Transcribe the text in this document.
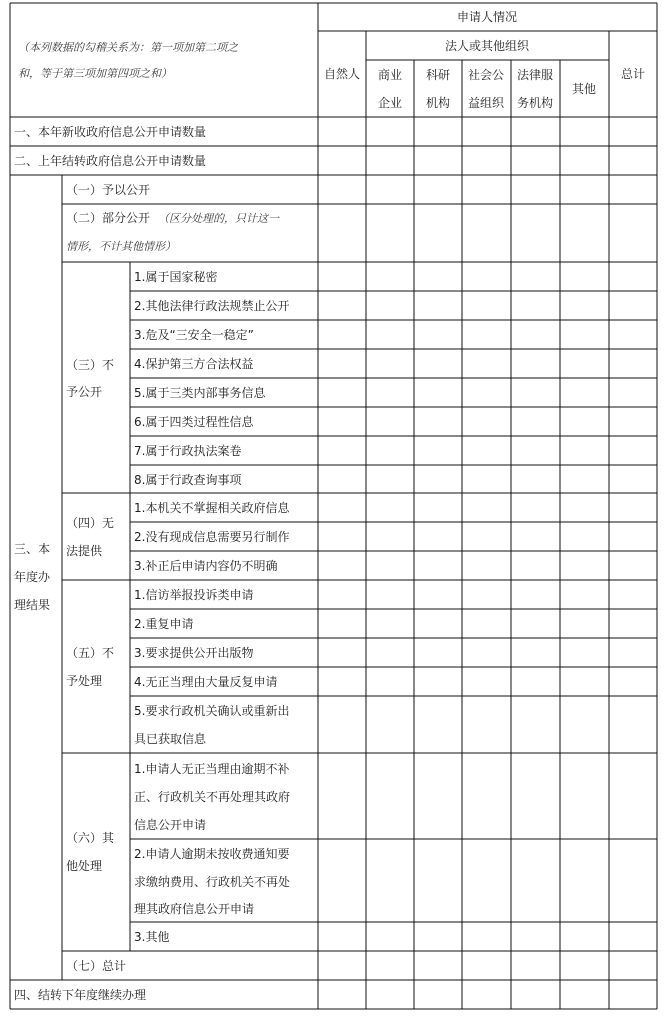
申请人情况
（本列数据的勾稽关系为：第一项加第二项之
和，等于第三项加第四项之和）	自然人
法人或其他组织
商业
企业
科研
机构
社会公
益组织
法律服
务机构
其他
总计
一、本年新收政府信息公开申请数量
二、上年结转政府信息公开申请数量
三、本
年度办
理结果
（一）予以公开
（二）部分公开 （区分处理的，只计这一
情形，不计其他情形）
（三）不
予公开
1.属于国家秘密
2.其他法律行政法规禁止公开
3.危及“三安全一稳定”
4.保护第三方合法权益
5.属于三类内部事务信息
6.属于四类过程性信息
7.属于行政执法案卷
8.属于行政查询事项
（四）无
法提供
1.本机关不掌握相关政府信息
2.没有现成信息需要另行制作
3.补正后申请内容仍不明确
（五）不
予处理
1.信访举报投诉类申请
2.重复申请
3.要求提供公开出版物
4.无正当理由大量反复申请
5.要求行政机关确认或重新出
具已获取信息
（六）其
他处理
1.申请人无正当理由逾期不补
正、行政机关不再处理其政府
信息公开申请
2.申请人逾期未按收费通知要
求缴纳费用、行政机关不再处
理其政府信息公开申请
3.其他
（七）总计
四、结转下年度继续办理
